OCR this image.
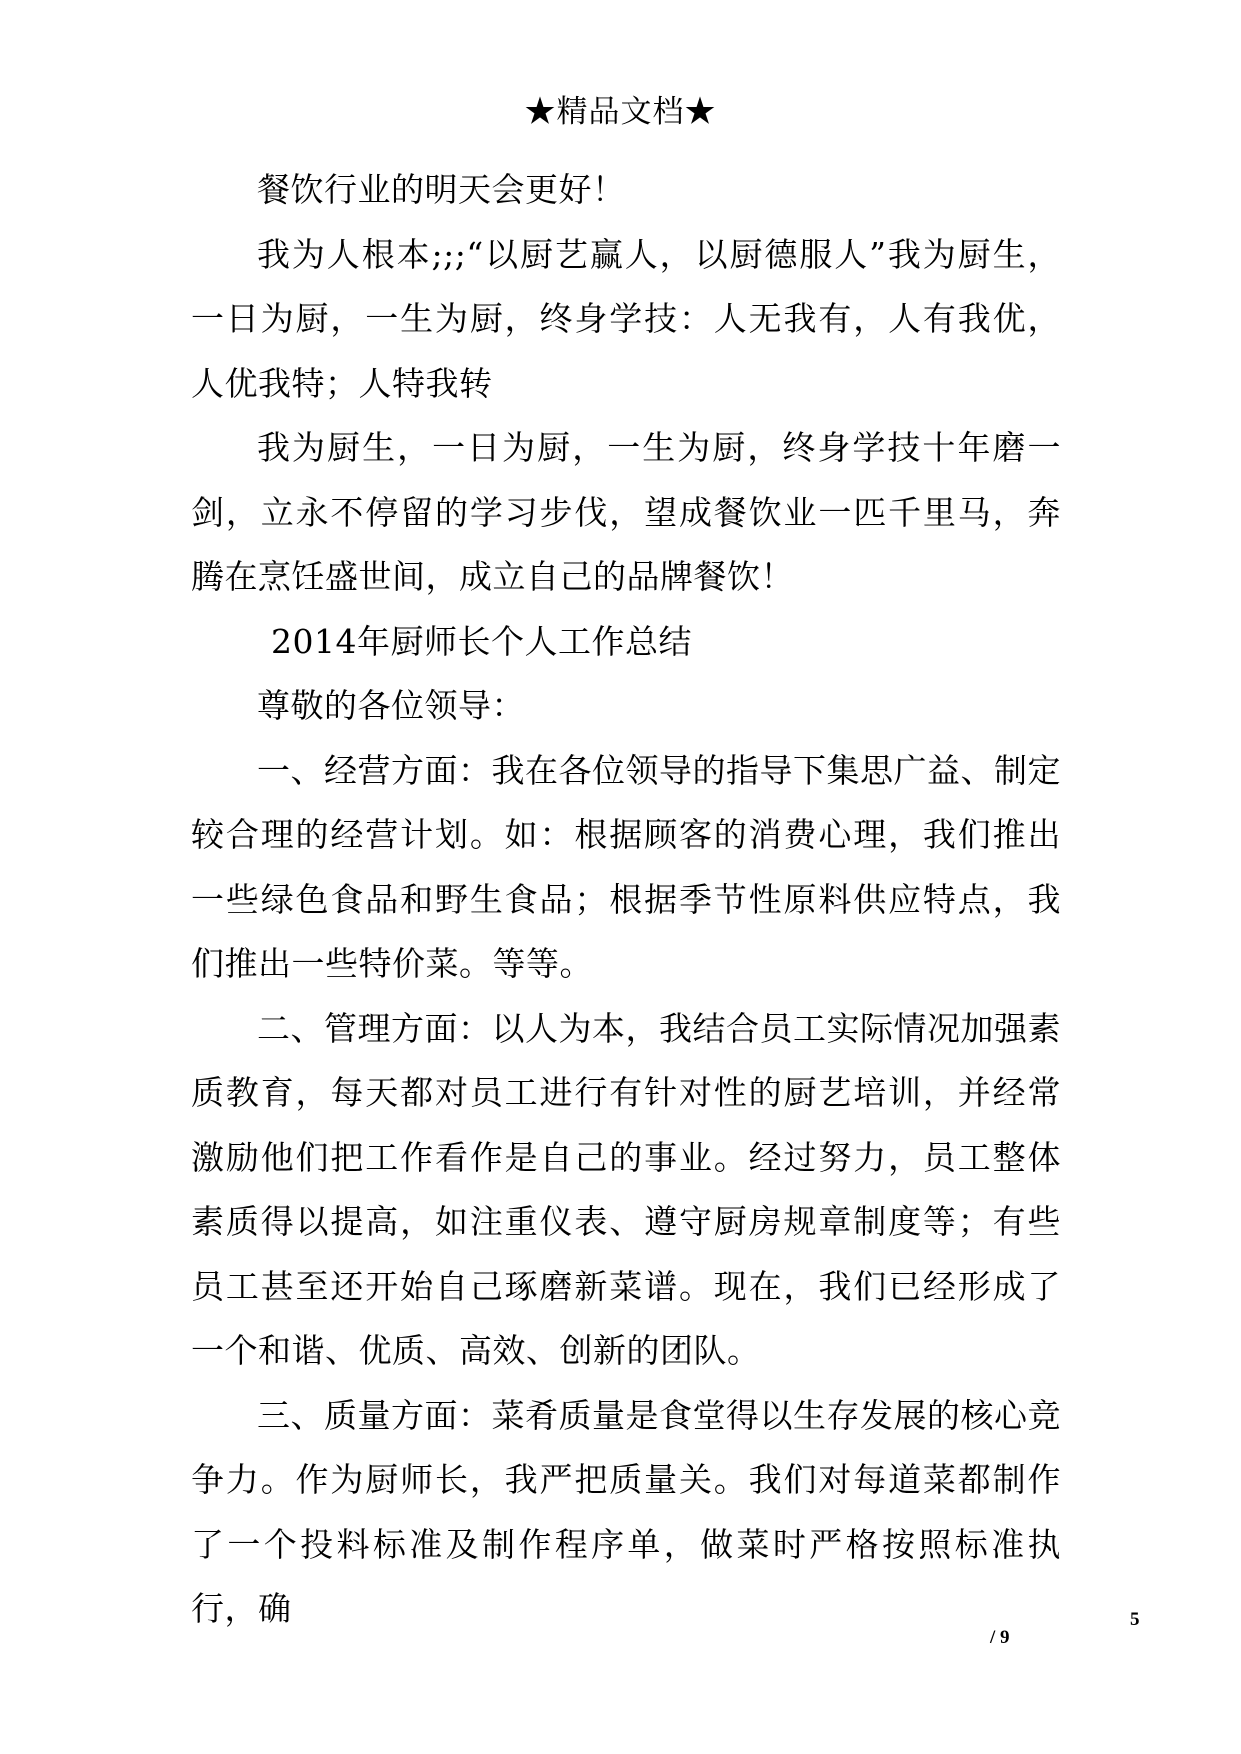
★精品文档★

餐饮行业的明天会更好！

我为人根本;;;“以厨艺赢人，以厨德服人”我为厨生，一日为厨，一生为厨，终身学技：人无我有，人有我优，人优我特；人特我转

我为厨生，一日为厨，一生为厨，终身学技十年磨一剑，立永不停留的学习步伐，望成餐饮业一匹千里马，奔腾在烹饪盛世间，成立自己的品牌餐饮！

2014年厨师长个人工作总结

尊敬的各位领导：

一、经营方面：我在各位领导的指导下集思广益、制定较合理的经营计划。如：根据顾客的消费心理，我们推出一些绿色食品和野生食品；根据季节性原料供应特点，我们推出一些特价菜。等等。

二、管理方面：以人为本，我结合员工实际情况加强素质教育，每天都对员工进行有针对性的厨艺培训，并经常激励他们把工作看作是自己的事业。经过努力，员工整体素质得以提高，如注重仪表、遵守厨房规章制度等；有些员工甚至还开始自己琢磨新菜谱。现在，我们已经形成了一个和谐、优质、高效、创新的团队。

三、质量方面：菜肴质量是食堂得以生存发展的核心竞争力。作为厨师长，我严把质量关。我们对每道菜都制作了一个投料标准及制作程序单，做菜时严格按照标准执行，确	5
/ 9
